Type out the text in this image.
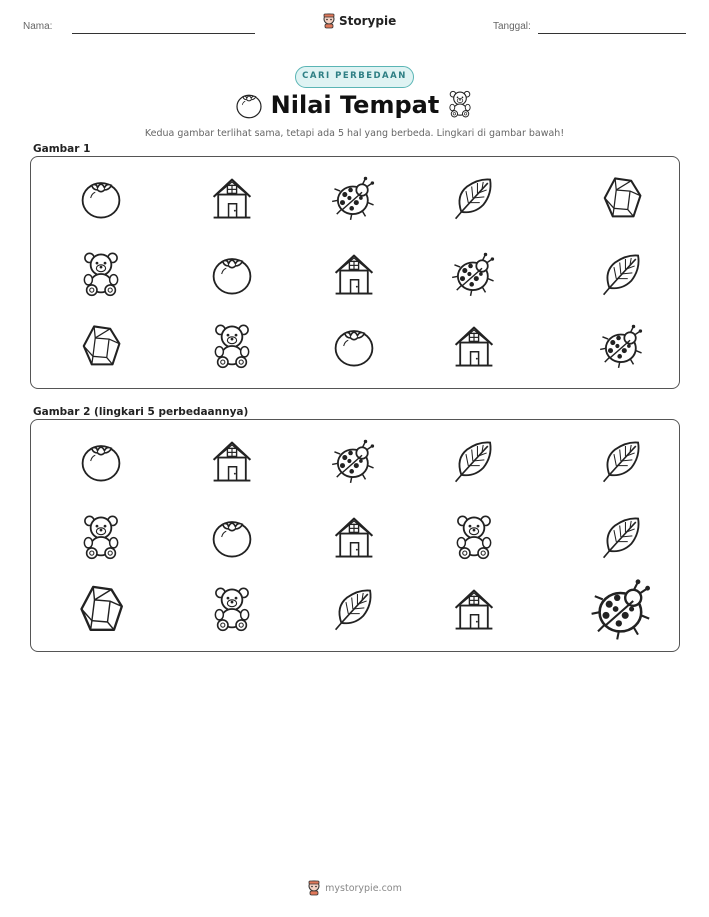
Nama:	Storypie	Tanggal:
CARI PERBEDAAN
Nilai Tempat
Kedua gambar terlihat sama, tetapi ada 5 hal yang berbeda. Lingkari di gambar bawah!
Gambar 1
Gambar 2 (lingkari 5 perbedaannya)
mystorypie.com
